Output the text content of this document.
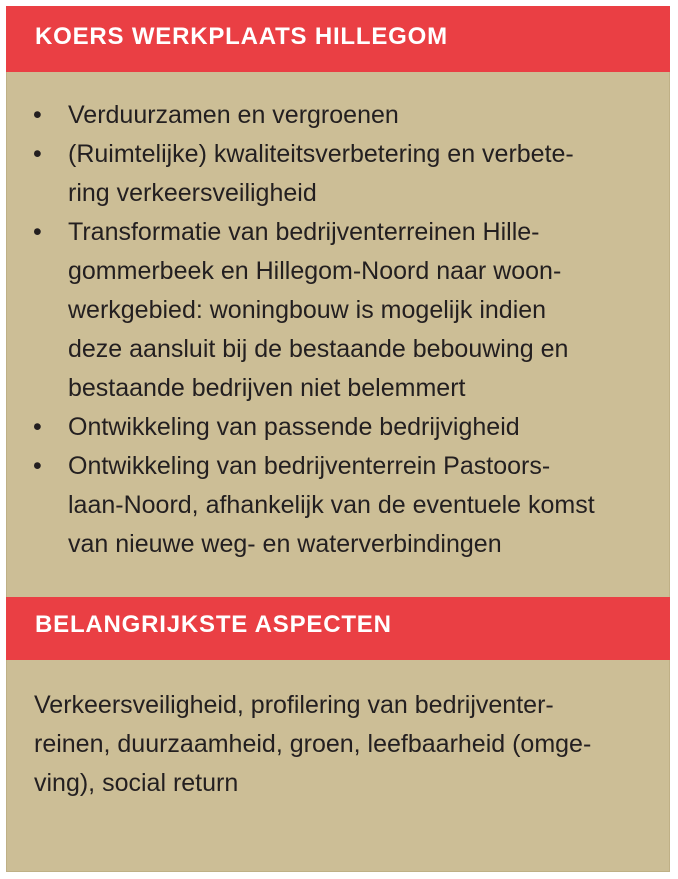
KOERS WERKPLAATS HILLEGOM
• Verduurzamen en vergroenen
• (Ruimtelijke) kwaliteitsverbetering en verbete-
ring verkeersveiligheid
• Transformatie van bedrijventerreinen Hille-
gommerbeek en Hillegom-Noord naar woon-
werkgebied: woningbouw is mogelijk indien
deze aansluit bij de bestaande bebouwing en
bestaande bedrijven niet belemmert
• Ontwikkeling van passende bedrijvigheid
• Ontwikkeling van bedrijventerrein Pastoors-
laan-Noord, afhankelijk van de eventuele komst
van nieuwe weg- en waterverbindingen
BELANGRIJKSTE ASPECTEN
Verkeersveiligheid, profilering van bedrijventer-
reinen, duurzaamheid, groen, leefbaarheid (omge-
ving), social return
